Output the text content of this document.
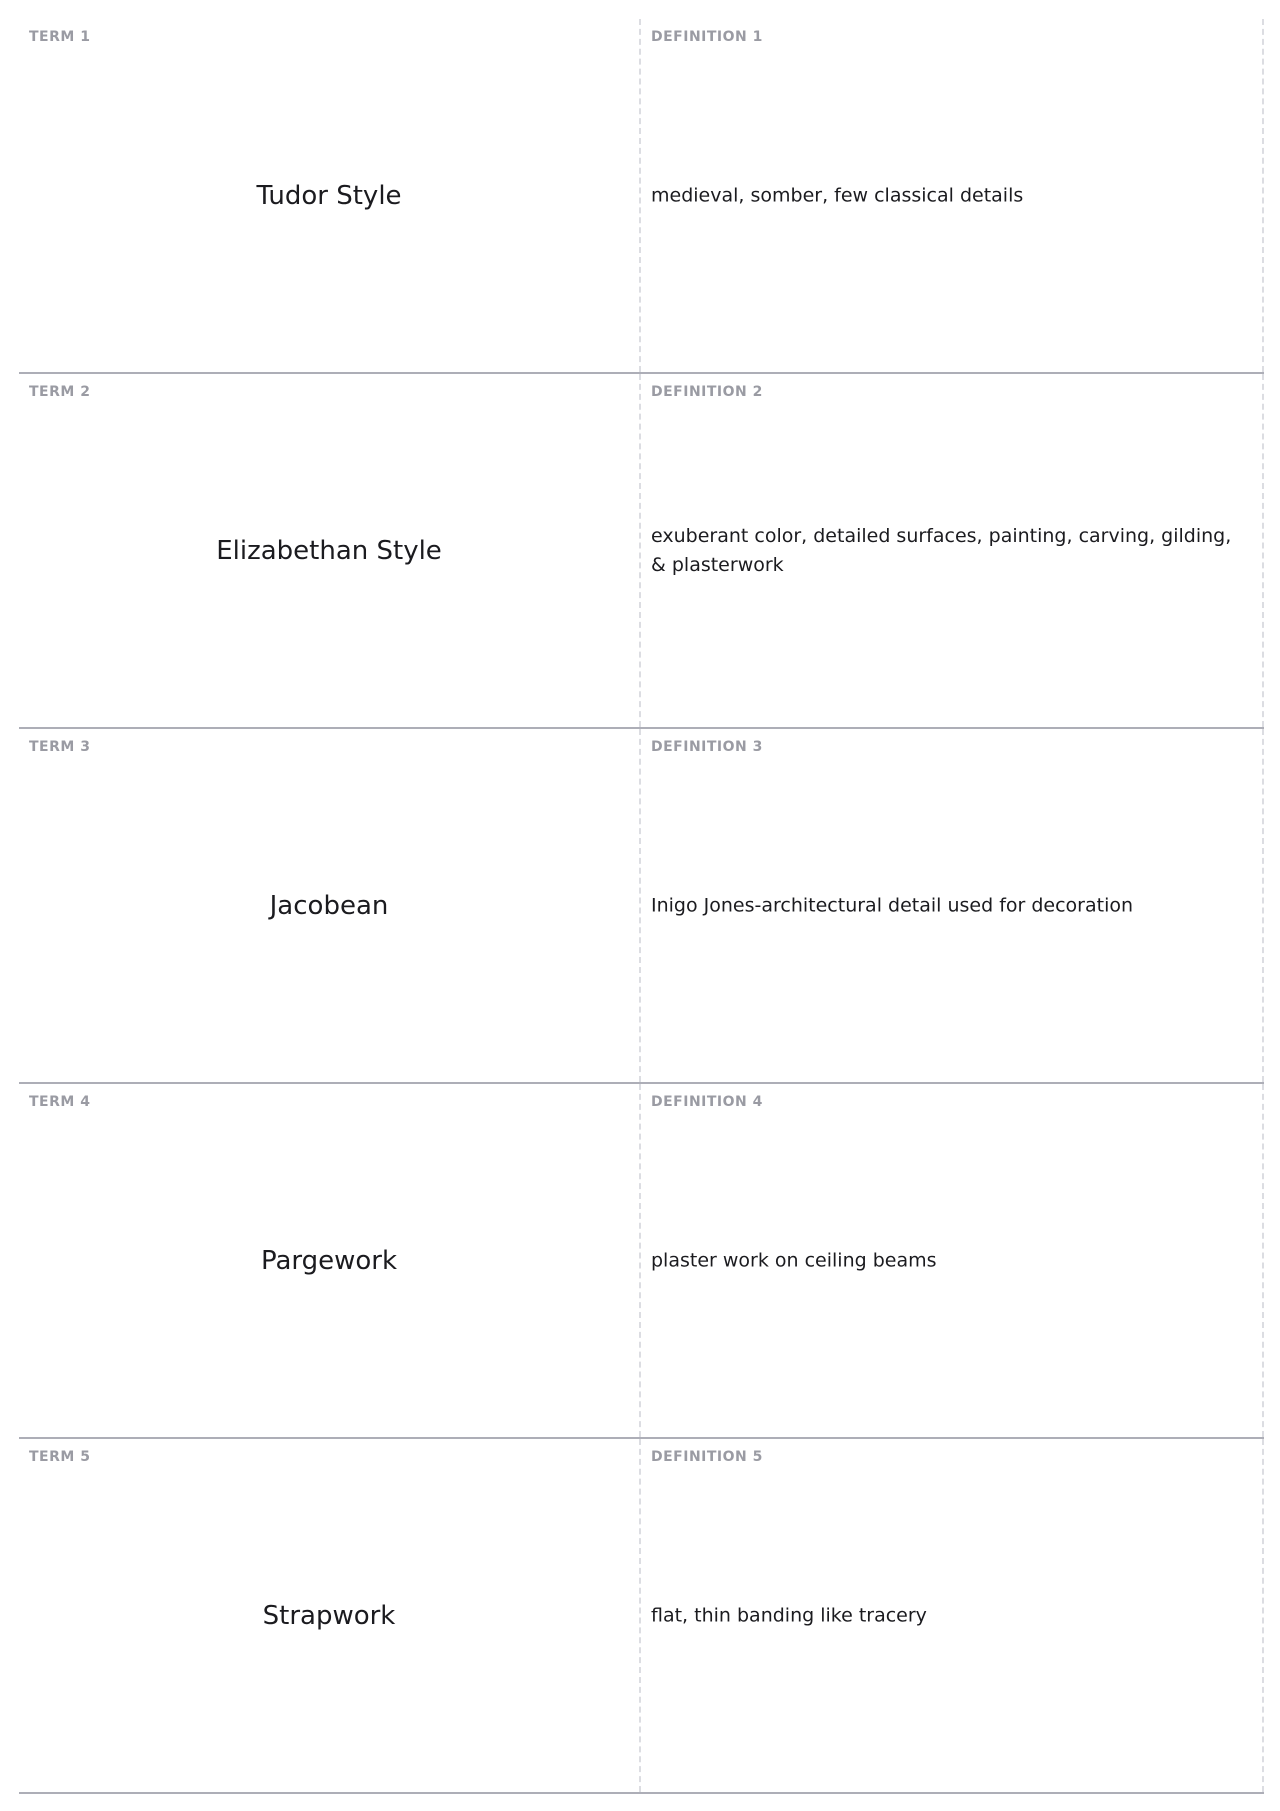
TERM 1
Tudor Style
DEFINITION 1
medieval, somber, few classical details
TERM 2
Elizabethan Style
DEFINITION 2
exuberant color, detailed surfaces, painting, carving, gilding, & plasterwork
TERM 3
Jacobean
DEFINITION 3
Inigo Jones-architectural detail used for decoration
TERM 4
Pargework
DEFINITION 4
plaster work on ceiling beams
TERM 5
Strapwork
DEFINITION 5
flat, thin banding like tracery
